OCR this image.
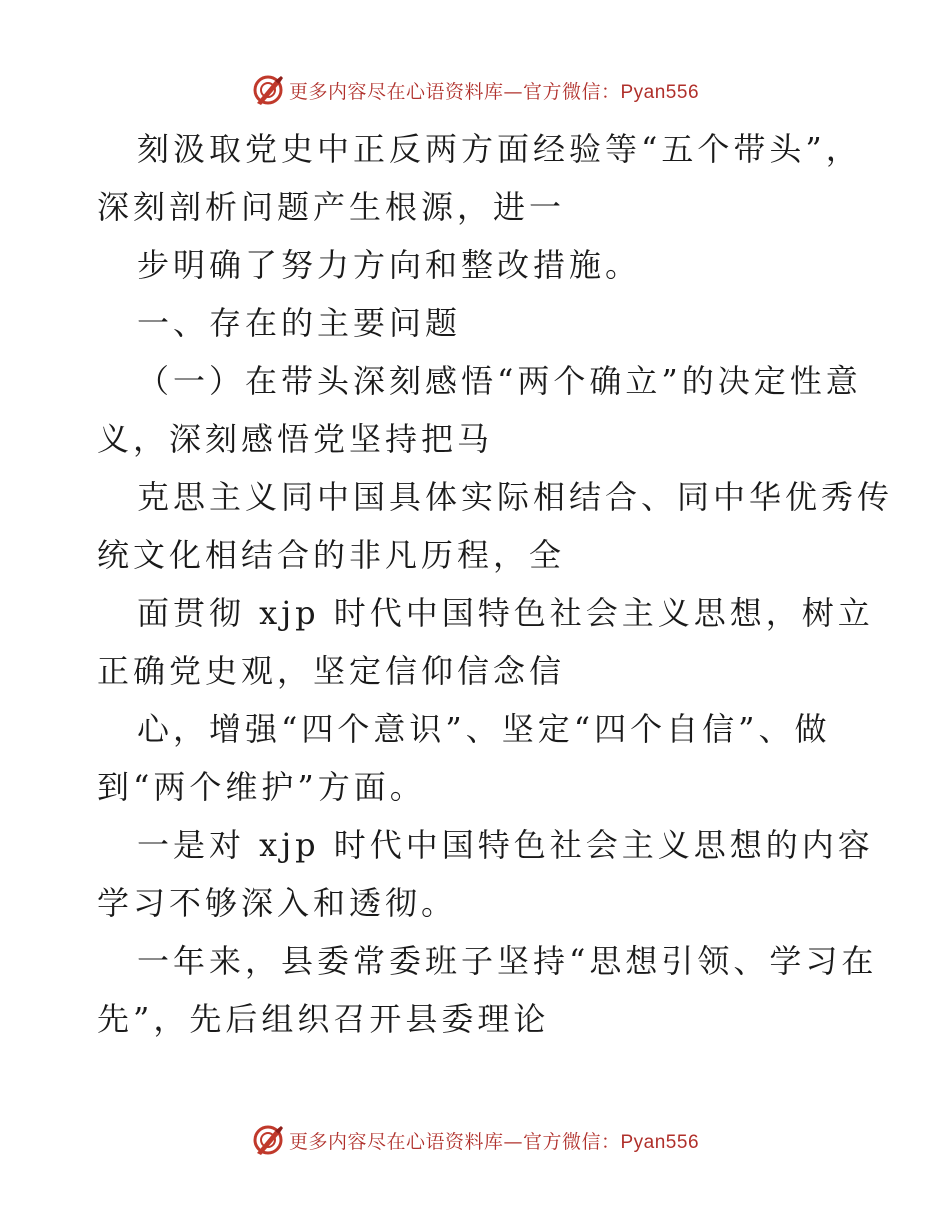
更多内容尽在心语资料库—官方微信：Pyan556

刻汲取党史中正反两方面经验等“五个带头”，

深刻剖析问题产生根源，进一

步明确了努力方向和整改措施。

一、存在的主要问题

（一）在带头深刻感悟“两个确立”的决定性意

义，深刻感悟党坚持把马

克思主义同中国具体实际相结合、同中华优秀传

统文化相结合的非凡历程，全

面贯彻 xjp 时代中国特色社会主义思想，树立

正确党史观，坚定信仰信念信

心，增强“四个意识”、坚定“四个自信”、做

到“两个维护”方面。

一是对 xjp 时代中国特色社会主义思想的内容

学习不够深入和透彻。

一年来，县委常委班子坚持“思想引领、学习在

先”，先后组织召开县委理论

更多内容尽在心语资料库—官方微信：Pyan556
